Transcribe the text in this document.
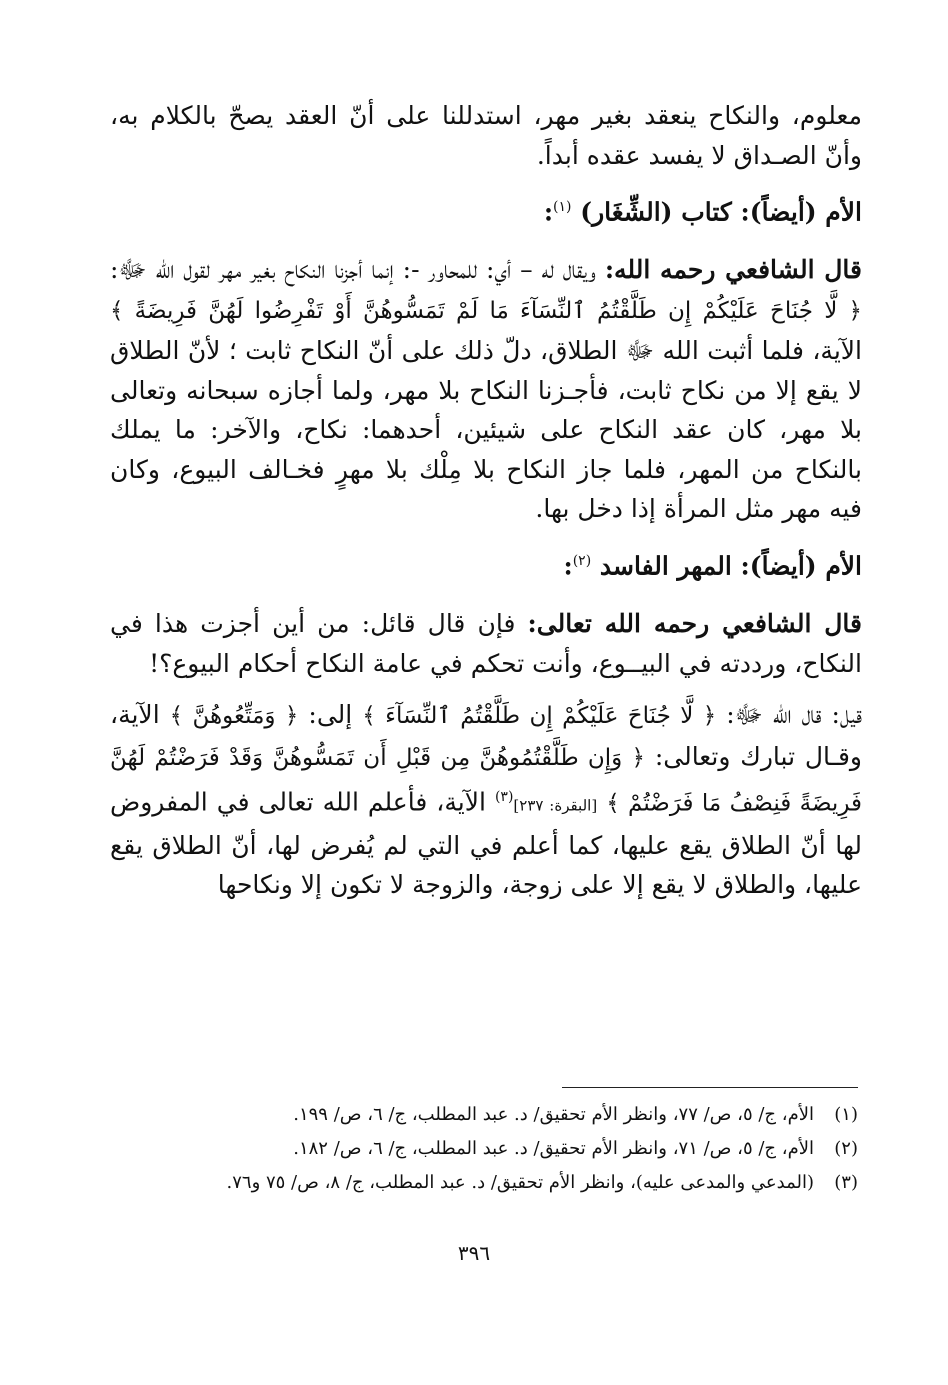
معلوم، والنكاح ينعقد بغير مهر، استدللنا على أنّ العقد يصحّ بالكلام به، وأنّ الصـداق لا يفسد عقده أبداً.

الأم (أيضاً): كتاب (الشِّغَار) $^{(١)}$:

قال الشافعي رحمه الله: ويقال له – أي: للمحاور -: إنما أجزنا النكاح بغير مهر لقول الله ﷻ: ﴿ لَّا جُنَاحَ عَلَيْكُمْ إِن طَلَّقْتُمُ ٱلنِّسَآءَ مَا لَمْ تَمَسُّوهُنَّ أَوْ تَفْرِضُوا لَهُنَّ فَرِيضَةً ﴾ الآية، فلما أثبت الله ﷻ الطلاق، دلّ ذلك على أنّ النكاح ثابت ؛ لأنّ الطلاق لا يقع إلا من نكاح ثابت، فأجـزنا النكاح بلا مهر، ولما أجازه سبحانه وتعالى بلا مهر، كان عقد النكاح على شيئين، أحدهما: نكاح، والآخر: ما يملك بالنكاح من المهر، فلما جاز النكاح بلا مِلْك بلا مهرٍ فخـالف البيوع، وكان فيه مهر مثل المرأة إذا دخل بها.

الأم (أيضاً): المهر الفاسد $^{(٢)}$:

قال الشافعي رحمه الله تعالى: فإن قال قائل: من أين أجزت هذا في النكاح، ورددته في البيــوع، وأنت تحكم في عامة النكاح أحكام البيوع؟!

قيل: قال الله ﷻ: ﴿ لَّا جُنَاحَ عَلَيْكُمْ إِن طَلَّقْتُمُ ٱلنِّسَآءَ ﴾ إلى: ﴿ وَمَتِّعُوهُنَّ ﴾ الآية، وقـال تبارك وتعالى: ﴿ وَإِن طَلَّقْتُمُوهُنَّ مِن قَبْلِ أَن تَمَسُّوهُنَّ وَقَدْ فَرَضْتُمْ لَهُنَّ فَرِيضَةً فَنِصْفُ مَا فَرَضْتُمْ ﴾ [البقرة: ٢٣٧]$^{(٣)}$ الآية، فأعلم الله تعالى في المفروض لها أنّ الطلاق يقع عليها، كما أعلم في التي لم يُفرض لها، أنّ الطلاق يقع عليها، والطلاق لا يقع إلا على زوجة، والزوجة لا تكون إلا ونكاحها

(١)الأم، ج/ ٥، ص/ ٧٧، وانظر الأم تحقيق/ د. عبد المطلب، ج/ ٦، ص/ ١٩٩.
(٢)الأم، ج/ ٥، ص/ ٧١، وانظر الأم تحقيق/ د. عبد المطلب، ج/ ٦، ص/ ١٨٢.
(٣)(المدعي والمدعى عليه)، وانظر الأم تحقيق/ د. عبد المطلب، ج/ ٨، ص/ ٧٥ و٧٦.
٣٩٦
